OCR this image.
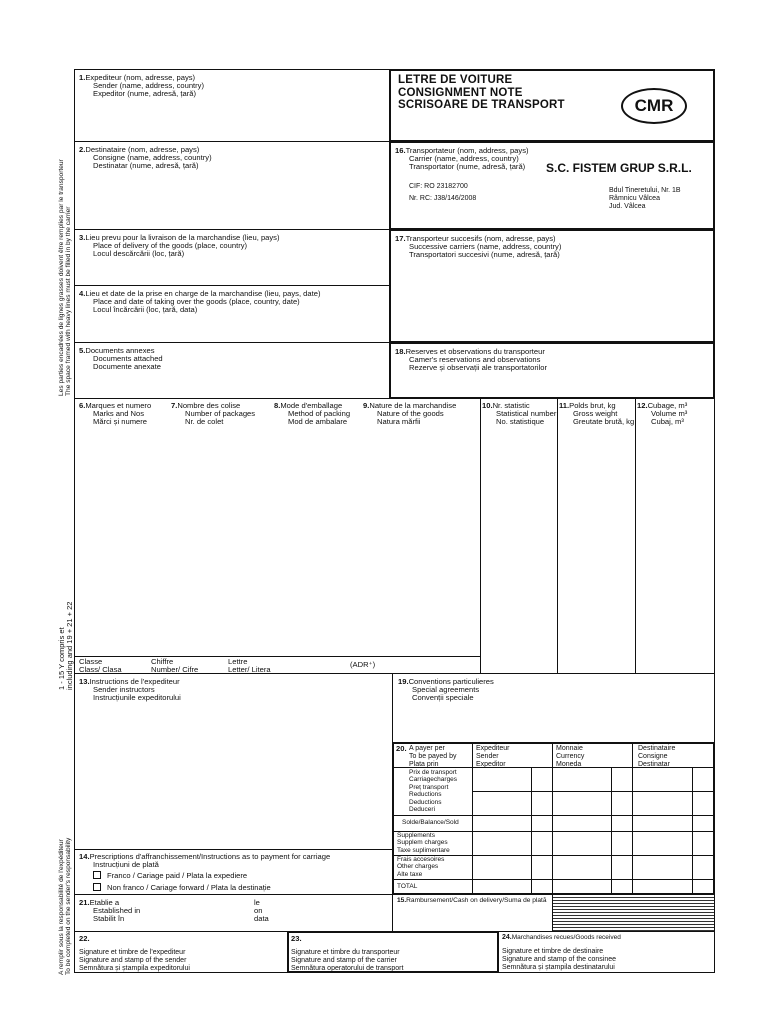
Les parties encadrées de lignes grasses doivent être remplies par le transporteur The space framed with heavy lines must be filled in by the carrier
1 - 15 Y compris et including and 19 + 21 + 22
A remplir sous la responsabilité de l'expéditeur To be completed on the sender's responsability
1.Expediteur (nom, adresse, pays)
Sender (name, address, country)
Expeditor (nume, adresă, țară)
LETRE DE VOITURE
CONSIGNMENT NOTE
SCRISOARE DE TRANSPORT	CMR
2.Destinataire (nom, adresse, pays)
Consigne (name, address, country)
Destinatar (nume, adresă, țară)
16.Transportateur (nom, address, pays)
Carrier (name, address, country)
Transportator (nume, adresă, țară)
CIF: RO 23182700
Nr. RC: J38/146/2008
Bdul Tineretului, Nr. 1B
Râmnicu Vâlcea
Jud. Vâlcea
S.C. FISTEM GRUP S.R.L.
3.Lieu prevu pour la livraison de la marchandise (lieu, pays)
Place of delivery of the goods (place, country)
Locul descărcării (loc, țară)
4.Lieu et date de la prise en charge de la marchandise (lieu, pays, date)
Place and date of taking over the goods (place, country, date)
Locul încărcării (loc, țară, data)
17.Transporteur succesifs (nom, adresse, pays)
Successive carriers (name, address, country)
Transportatori succesivi (nume, adresă, țară)
5.Documents annexes
Documents attached
Documente anexate
18.Reserves et observations du transporteur
Camer's reservations and observations
Rezerve și observații ale transportatorilor
6.Marques et numero
Marks and Nos
Mărci și numere
7.Nombre des colise
Number of packages
Nr. de colet
8.Mode d'emballage
Method of packing
Mod de ambalare
9.Nature de la marchandise
Nature of the goods
Natura mărfii
10.Nr. statistic
Statistical number
No. statistique
11.Polds brut, kg
Gross weight
Greutate brută, kg
12.Cubage, m³
Volume m³
Cubaj, m³
Classe
Class/ Clasa
Chiffre
Number/ Cifre
Lettre
Letter/ Litera
(ADR⁺)
13.Instructions de l'expediteur
Sender instructors
Instrucțiunile expeditorului
19.Conventions particulieres
Special agreements
Convenții speciale
20. A payer per
To be payed by
Plata prin
Expediteur
Sender
Expeditor
Monnaie
Currency
Moneda
Destinataire
Consigne
Destinatar
Prix de transport
Carriagecharges
Preț transport
Reductions
Deductions
Deduceri
Solde/Balance/Sold
Supplements
Supplem charges
Taxe suplimentare
Frais accesoires
Other charges
Alte taxe
TOTAL
14.Prescriptions d'affranchissement/Instructions as to payment for carriage
Instrucțiuni de plată
Franco / Cariage paid / Plata la expediere
Non franco / Cariage forward / Plata la destinație
21.Etablie a
Established in
Stabilit în
le
on
data
15.Rambursement/Cash on delivery/Suma de plată
22.
Signature et timbre de l'expediteur
Signature and stamp of the sender
Semnătura și ștampila expeditorului
23.
Signature et timbre du transporteur
Signature and stamp of the carrier
Semnătura operatorului de transport
24.Marchandises recues/Goods received
Signature et timbre de destinaire
Signature and stamp of the consinee
Semnătura și ștampila destinatarului
